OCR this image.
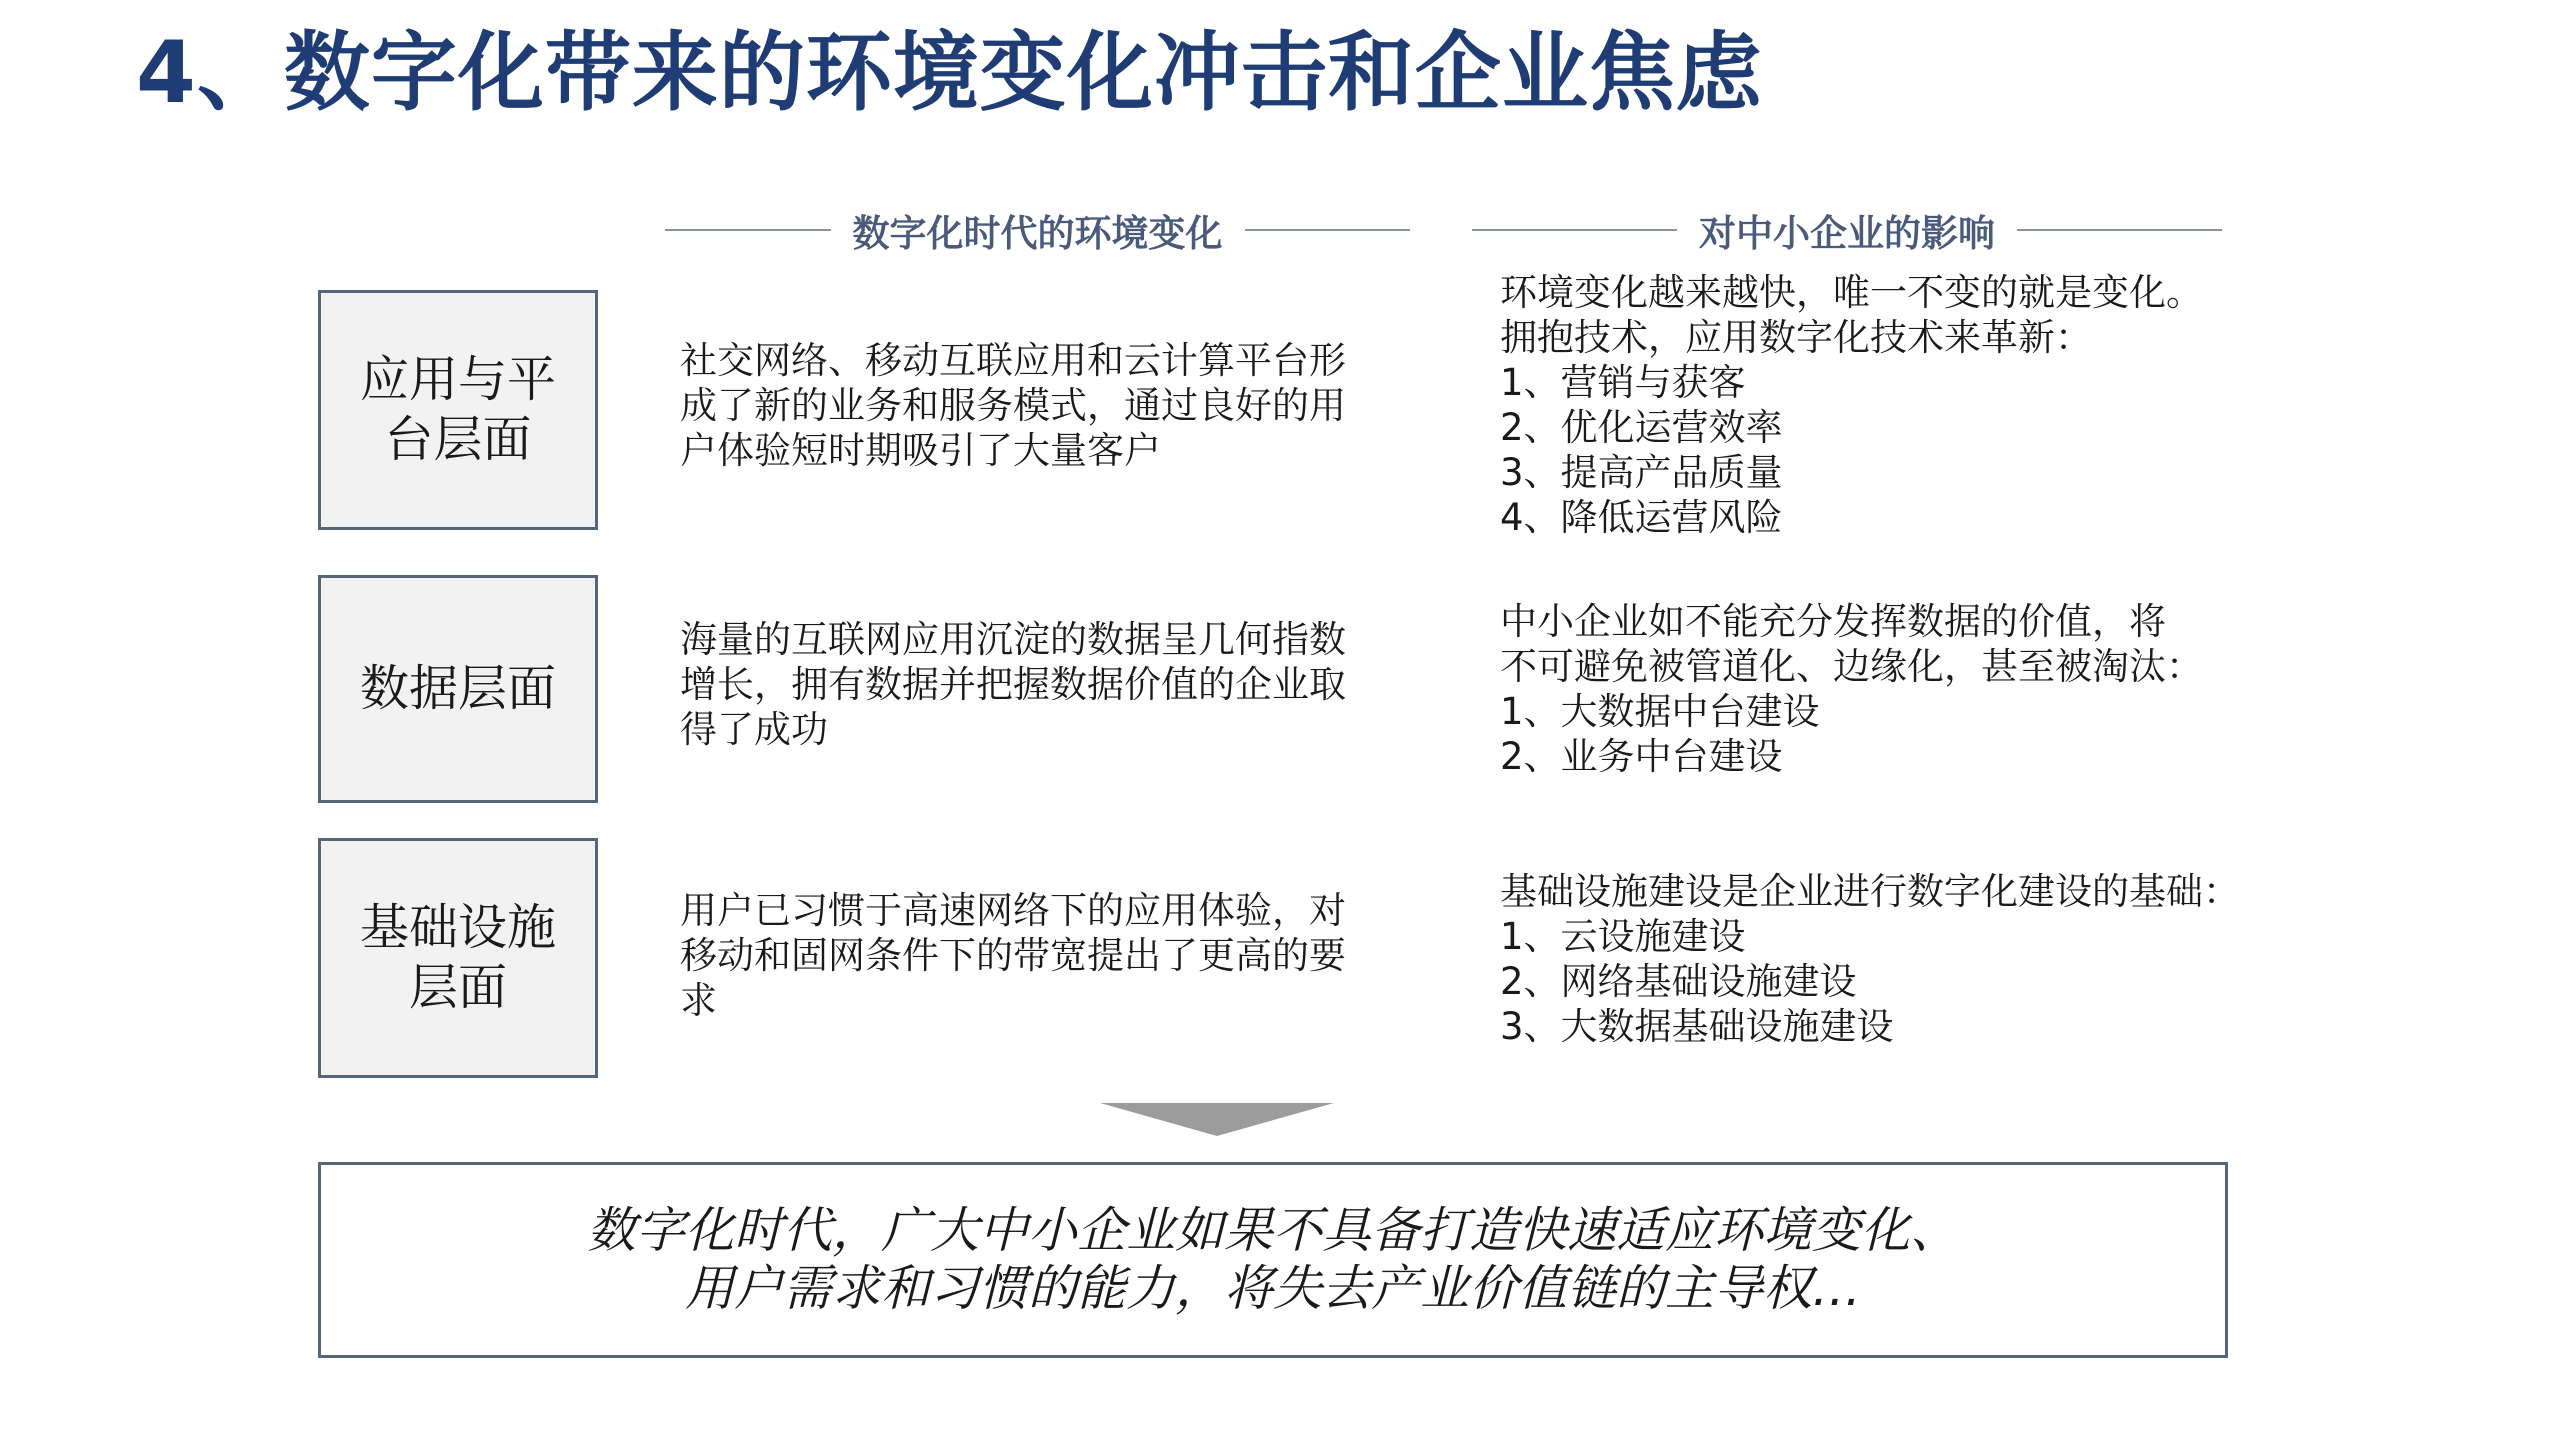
4、数字化带来的环境变化冲击和企业焦虑
数字化时代的环境变化	对中小企业的影响
应用与平台层面
社交网络、移动互联应用和云计算平台形成了新的业务和服务模式，通过良好的用户体验短时期吸引了大量客户
环境变化越来越快，唯一不变的就是变化。
拥抱技术，应用数字化技术来革新：
1、营销与获客
2、优化运营效率
3、提高产品质量
4、降低运营风险
数据层面
海量的互联网应用沉淀的数据呈几何指数增长，拥有数据并把握数据价值的企业取得了成功
中小企业如不能充分发挥数据的价值，将
不可避免被管道化、边缘化，甚至被淘汰：
1、大数据中台建设
2、业务中台建设
基础设施层面
用户已习惯于高速网络下的应用体验，对移动和固网条件下的带宽提出了更高的要求
基础设施建设是企业进行数字化建设的基础：
1、云设施建设
2、网络基础设施建设
3、大数据基础设施建设
数字化时代，广大中小企业如果不具备打造快速适应环境变化、
用户需求和习惯的能力，将失去产业价值链的主导权…
